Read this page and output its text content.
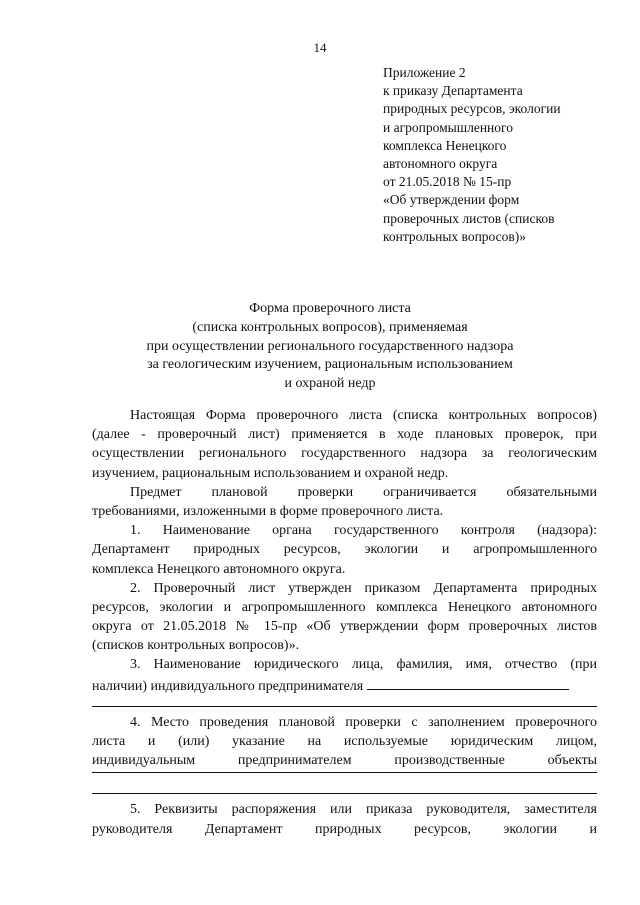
14
Приложение 2
к приказу Департамента
природных ресурсов, экологии
и агропромышленного
комплекса Ненецкого
автономного округа
от 21.05.2018 № 15-пр
«Об утверждении форм
проверочных листов (списков
контрольных вопросов)»
Форма проверочного листа
(списка контрольных вопросов), применяемая
при осуществлении регионального государственного надзора
за геологическим изучением, рациональным использованием
и охраной недр
Настоящая Форма проверочного листа (списка контрольных вопросов)
(далее - проверочный лист) применяется в ходе плановых проверок, при
осуществлении регионального государственного надзора за геологическим
изучением, рациональным использованием и охраной недр.
Предмет плановой проверки ограничивается обязательными
требованиями, изложенными в форме проверочного листа.
1. Наименование органа государственного контроля (надзора):
Департамент природных ресурсов, экологии и агропромышленного
комплекса Ненецкого автономного округа.
2. Проверочный лист утвержден приказом Департамента природных
ресурсов, экологии и агропромышленного комплекса Ненецкого автономного
округа от 21.05.2018 № 15-пр «Об утверждении форм проверочных листов
(списков контрольных вопросов)».
3. Наименование юридического лица, фамилия, имя, отчество (при
наличии) индивидуального предпринимателя
4. Место проведения плановой проверки с заполнением проверочного
листа и (или) указание на используемые юридическим лицом,
индивидуальным предпринимателем производственные объекты
5. Реквизиты распоряжения или приказа руководителя, заместителя
руководителя Департамент природных ресурсов, экологии и
